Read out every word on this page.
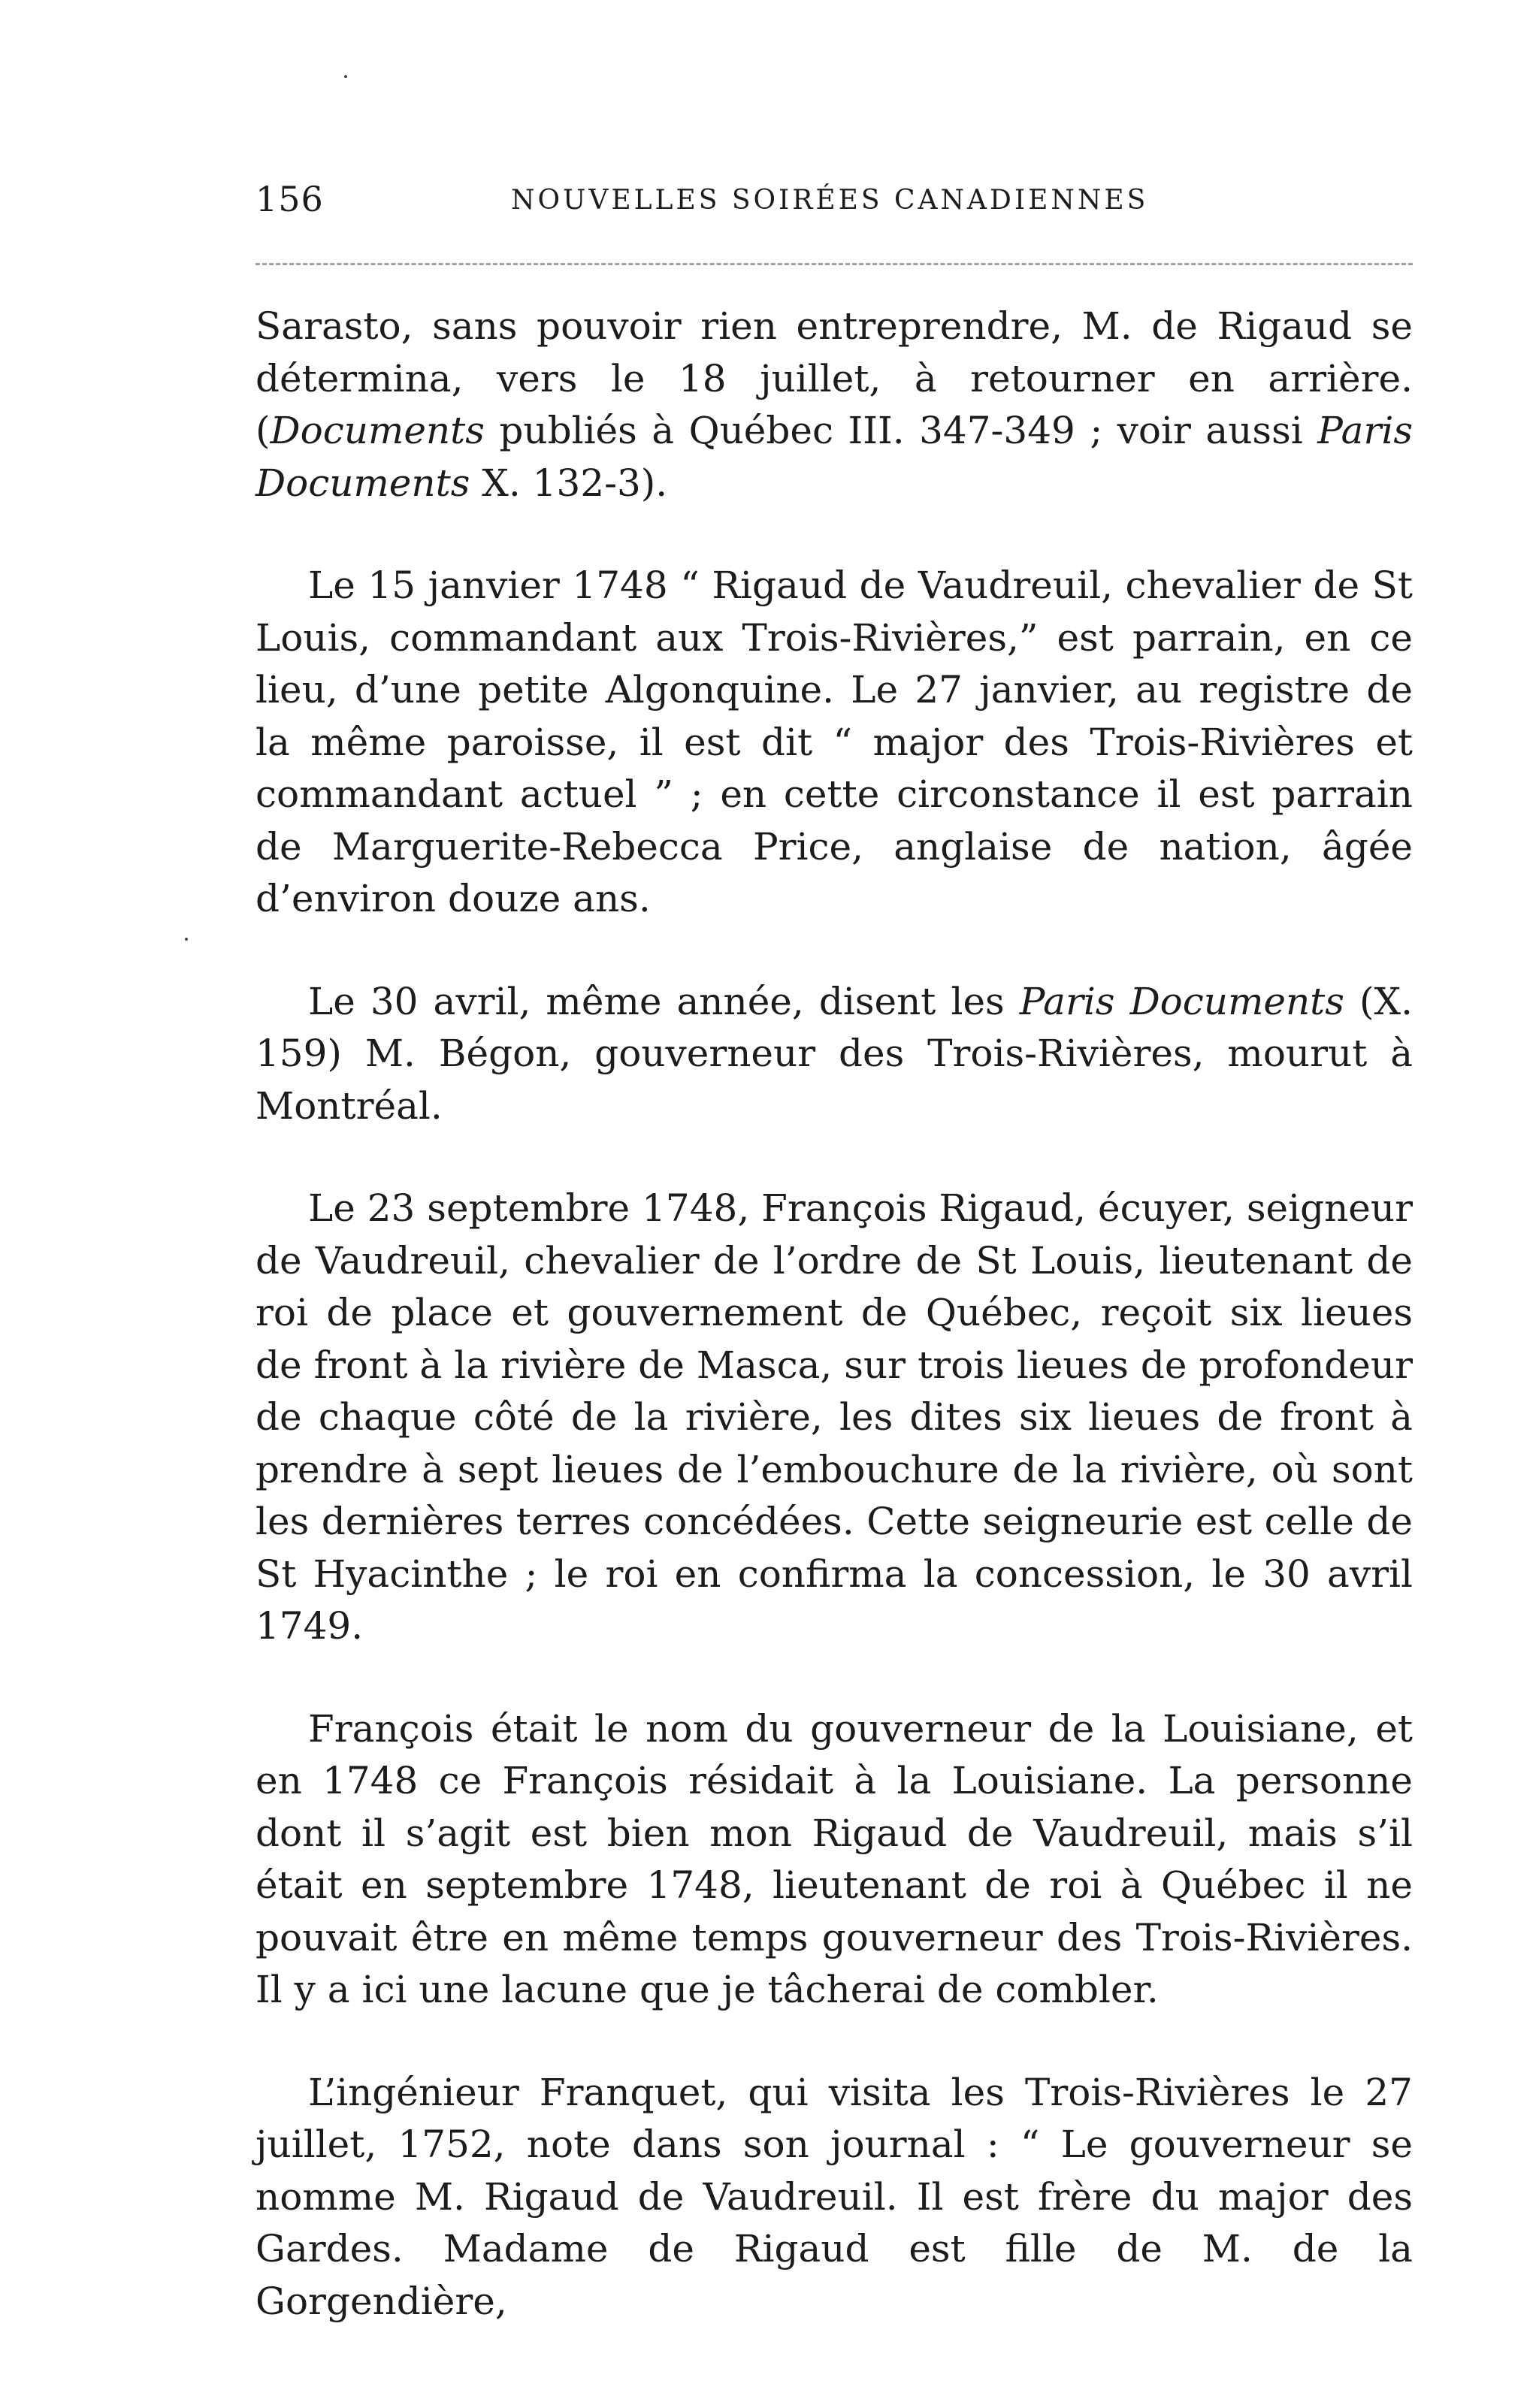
156	NOUVELLES SOIRÉES CANADIENNES

Sarasto, sans pouvoir rien entreprendre, M. de Rigaud se détermina, vers le 18 juillet, à retourner en arrière. (Documents publiés à Québec III. 347-349 ; voir aussi Paris Documents X. 132-3).

Le 15 janvier 1748 “ Rigaud de Vaudreuil, chevalier de St Louis, commandant aux Trois-Rivières,” est parrain, en ce lieu, d’une petite Algonquine. Le 27 janvier, au registre de la même paroisse, il est dit “ major des Trois-Rivières et commandant actuel ” ; en cette circonstance il est parrain de Marguerite-Rebecca Price, anglaise de nation, âgée d’environ douze ans.

Le 30 avril, même année, disent les Paris Documents (X. 159) M. Bégon, gouverneur des Trois-Rivières, mourut à Montréal.

Le 23 septembre 1748, François Rigaud, écuyer, seigneur de Vaudreuil, chevalier de l’ordre de St Louis, lieutenant de roi de place et gouvernement de Québec, reçoit six lieues de front à la rivière de Masca, sur trois lieues de profondeur de chaque côté de la rivière, les dites six lieues de front à prendre à sept lieues de l’embouchure de la rivière, où sont les dernières terres concédées. Cette seigneurie est celle de St Hyacinthe ; le roi en confirma la concession, le 30 avril 1749.

François était le nom du gouverneur de la Louisiane, et en 1748 ce François résidait à la Louisiane. La personne dont il s’agit est bien mon Rigaud de Vaudreuil, mais s’il était en septembre 1748, lieutenant de roi à Québec il ne pouvait être en même temps gouverneur des Trois-Rivières. Il y a ici une lacune que je tâcherai de combler.

L’ingénieur Franquet, qui visita les Trois-Rivières le 27 juillet, 1752, note dans son journal : “ Le gouverneur se nomme M. Rigaud de Vaudreuil. Il est frère du major des Gardes. Madame de Rigaud est fille de M. de la Gorgendière,
